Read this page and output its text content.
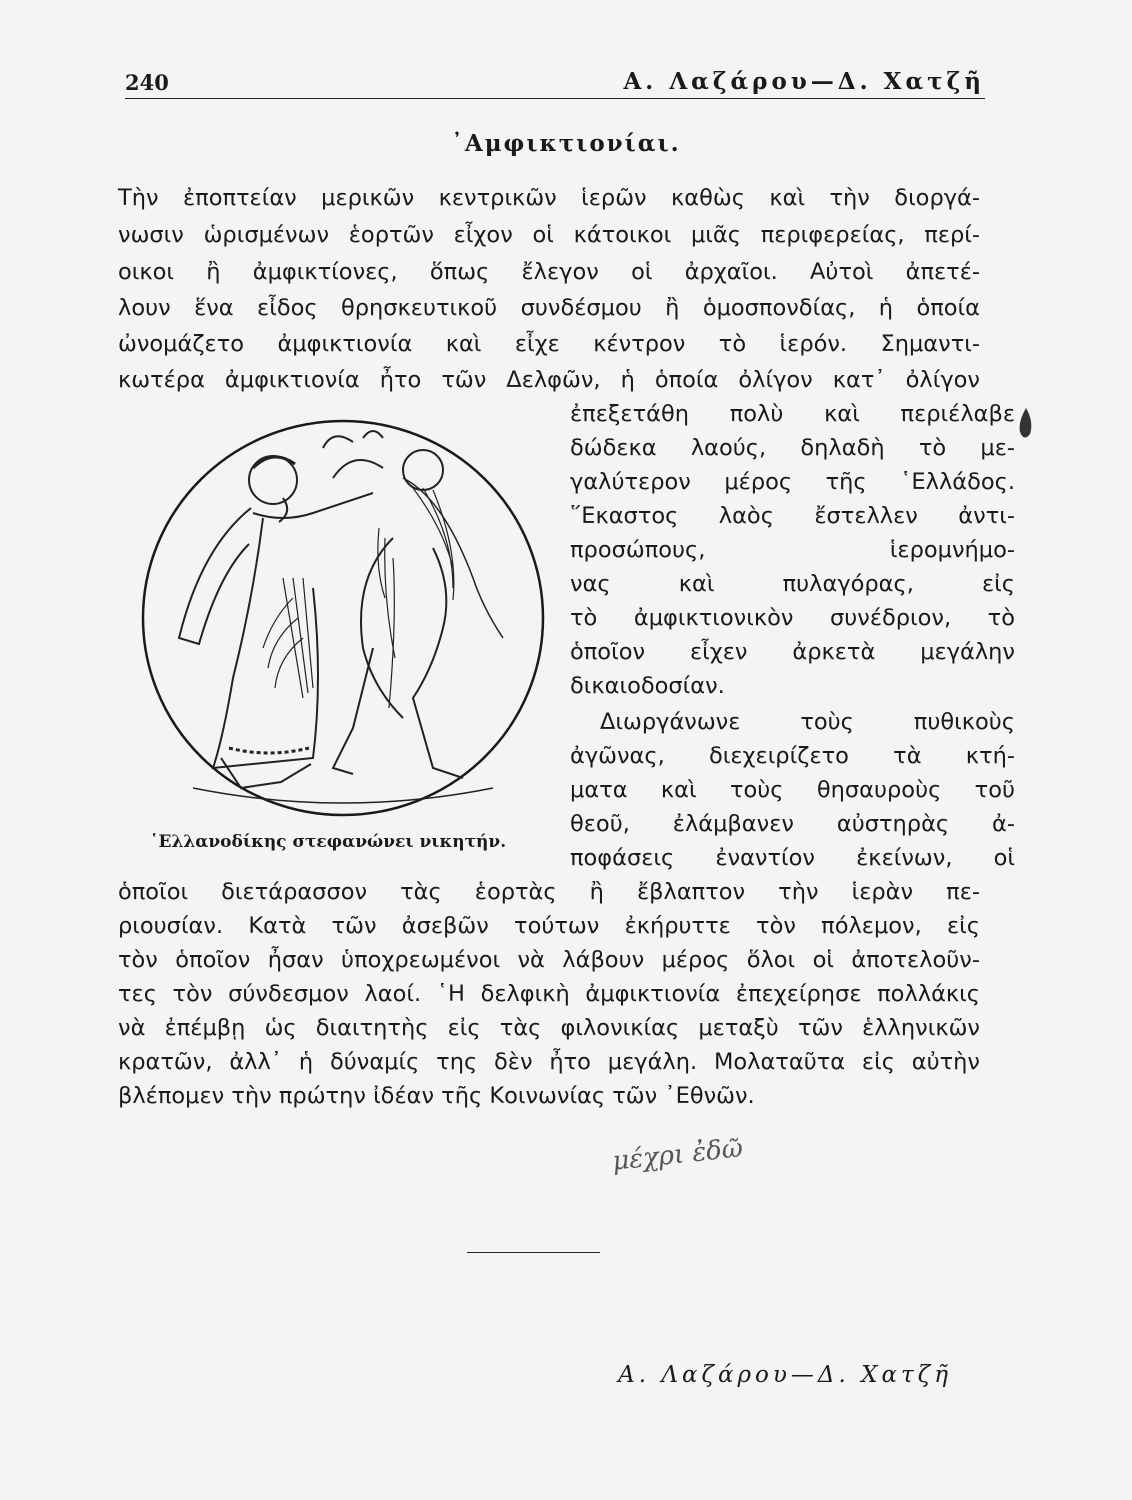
240	Α. Λαζάρου—Δ. Χατζῆ
᾿Αμφικτιονίαι.
Τὴν ἐποπτείαν μερικῶν κεντρικῶν ἱερῶν καθὼς καὶ τὴν διοργά-
νωσιν ὡρισμένων ἑορτῶν εἶχον οἱ κάτοικοι μιᾶς περιφερείας, περί-
οικοι ἢ ἀμφικτίονες, ὅπως ἔλεγον οἱ ἀρχαῖοι. Αὐτοὶ ἀπετέ-
λουν ἕνα εἶδος θρησκευτικοῦ συνδέσμου ἢ ὁμοσπονδίας, ἡ ὁποία
ὠνομάζετο ἀμφικτιονία καὶ εἶχε κέντρον τὸ ἱερόν. Σημαντι-
κωτέρα ἀμφικτιονία ἦτο τῶν Δελφῶν, ἡ ὁποία ὀλίγον κατ᾿ ὀλίγον
ἐπεξετάθη πολὺ καὶ περιέλαβε
δώδεκα λαούς, δηλαδὴ τὸ με-
γαλύτερον μέρος τῆς ῾Ελλάδος.
῞Εκαστος λαὸς ἔστελλεν ἀντι-
προσώπους, ἱερομνήμο-
νας καὶ πυλαγόρας, εἰς
τὸ ἀμφικτιονικὸν συνέδριον, τὸ
ὁποῖον εἶχεν ἀρκετὰ μεγάλην
δικαιοδοσίαν.
Διωργάνωνε τοὺς πυθικοὺς
ἀγῶνας, διεχειρίζετο τὰ κτή-
ματα καὶ τοὺς θησαυροὺς τοῦ
θεοῦ, ἐλάμβανεν αὐστηρὰς ἀ-
ποφάσεις ἐναντίον ἐκείνων, οἱ
῾Ελλανοδίκης στεφανώνει νικητήν.
ὁποῖοι διετάρασσον τὰς ἑορτὰς ἢ ἔβλαπτον τὴν ἱερὰν πε-
ριουσίαν. Κατὰ τῶν ἀσεβῶν τούτων ἐκήρυττε τὸν πόλεμον, εἰς
τὸν ὁποῖον ἦσαν ὑποχρεωμένοι νὰ λάβουν μέρος ὅλοι οἱ ἀποτελοῦν-
τες τὸν σύνδεσμον λαοί. ῾Η δελφικὴ ἀμφικτιονία ἐπεχείρησε πολλάκις
νὰ ἐπέμβῃ ὡς διαιτητὴς εἰς τὰς φιλονικίας μεταξὺ τῶν ἑλληνικῶν
κρατῶν, ἀλλ᾿ ἡ δύναμίς της δὲν ἦτο μεγάλη. Μολαταῦτα εἰς αὐτὴν
βλέπομεν τὴν πρώτην ἰδέαν τῆς Κοινωνίας τῶν ᾿Εθνῶν.
μέχρι ἐδῶ
Α. Λαζάρου—Δ. Χατζῆ
